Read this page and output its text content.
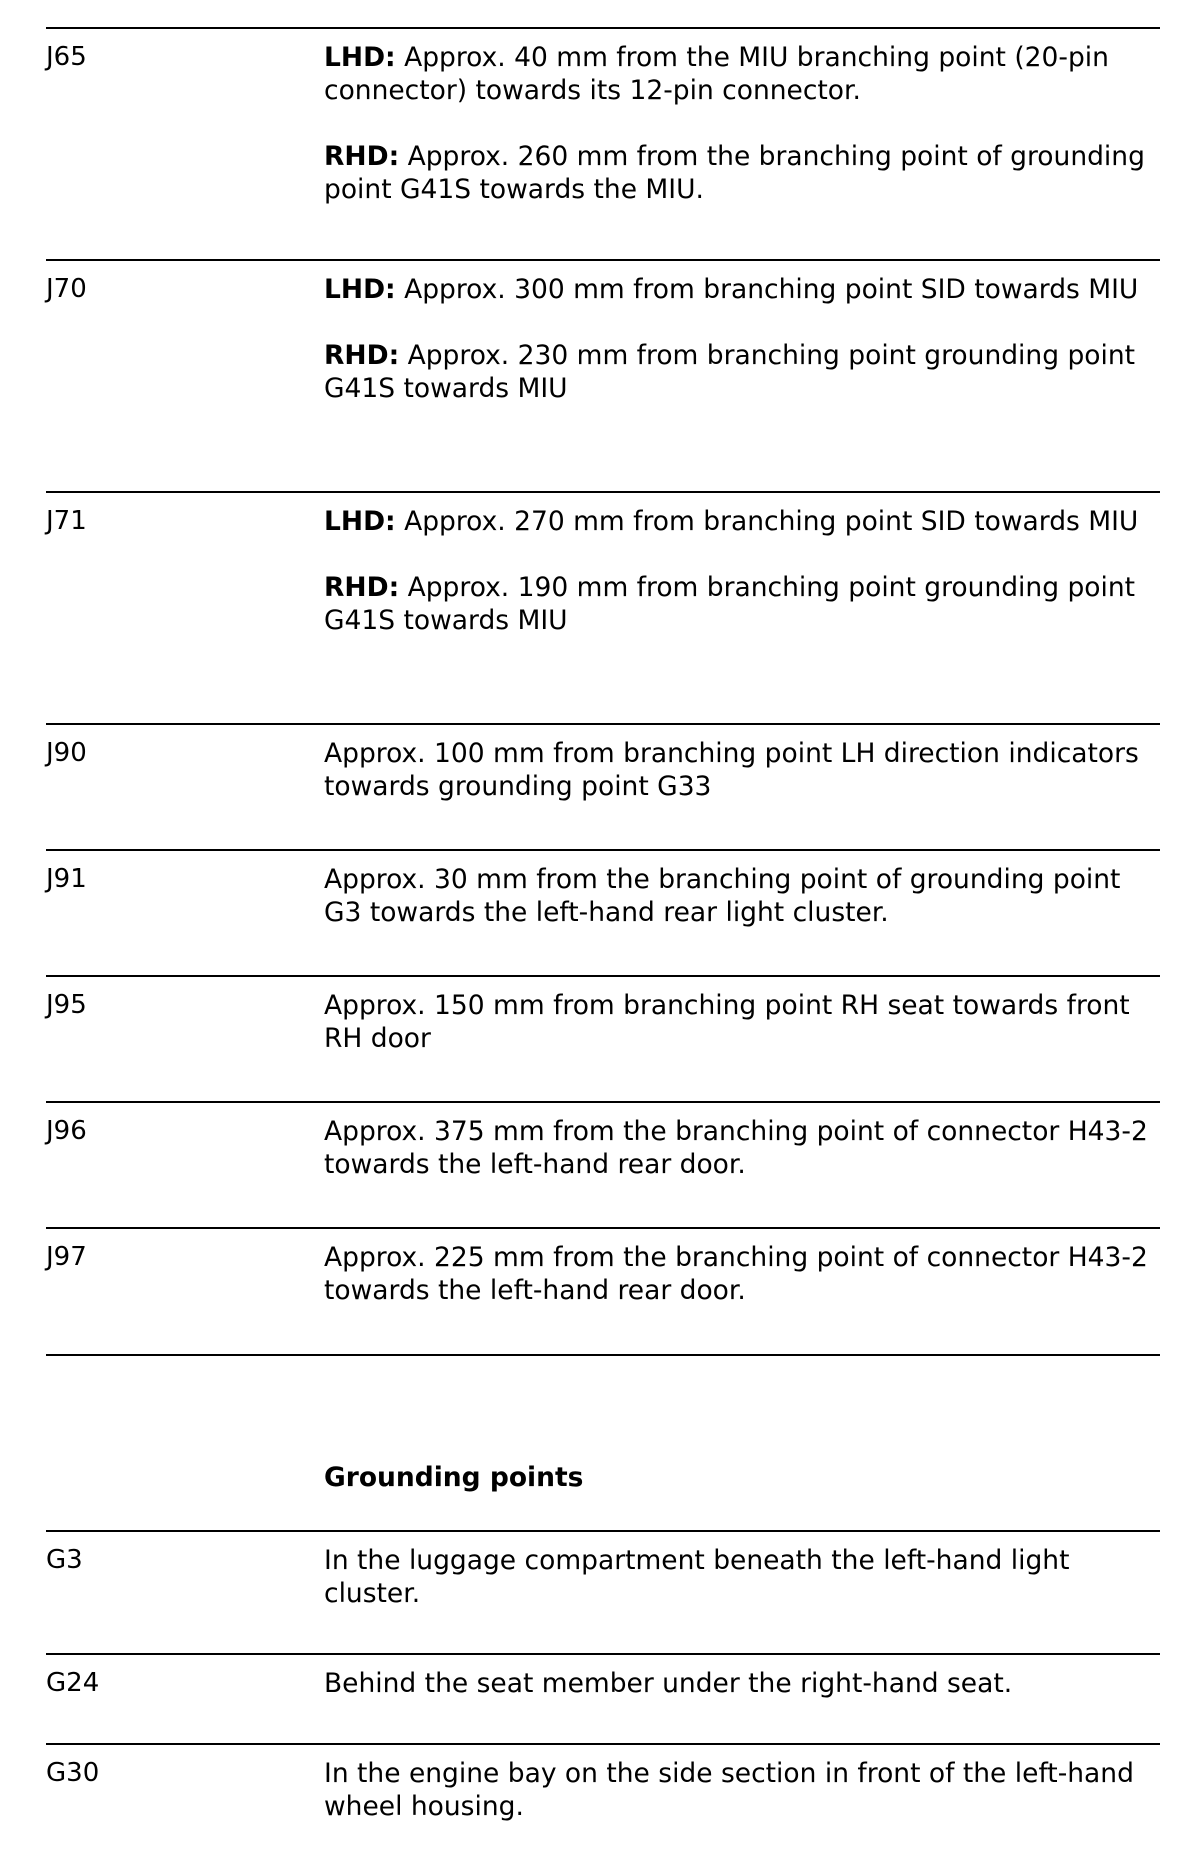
J65	LHD: Approx. 40 mm from the MIU branching point (20-pin connector) towards its 12-pin connector.

RHD: Approx. 260 mm from the branching point of grounding point G41S towards the MIU.

J70	LHD: Approx. 300 mm from branching point SID towards MIU

RHD: Approx. 230 mm from branching point grounding point G41S towards MIU

J71	LHD: Approx. 270 mm from branching point SID towards MIU

RHD: Approx. 190 mm from branching point grounding point G41S towards MIU

J90	Approx. 100 mm from branching point LH direction indicators towards grounding point G33

J91	Approx. 30 mm from the branching point of grounding point G3 towards the left-hand rear light cluster.

J95	Approx. 150 mm from branching point RH seat towards front RH door

J96	Approx. 375 mm from the branching point of connector H43-2 towards the left-hand rear door.

J97	Approx. 225 mm from the branching point of connector H43-2 towards the left-hand rear door.

Grounding points
G3	In the luggage compartment beneath the left-hand light cluster.
G24	Behind the seat member under the right-hand seat.
G30	In the engine bay on the side section in front of the left-hand wheel housing.
